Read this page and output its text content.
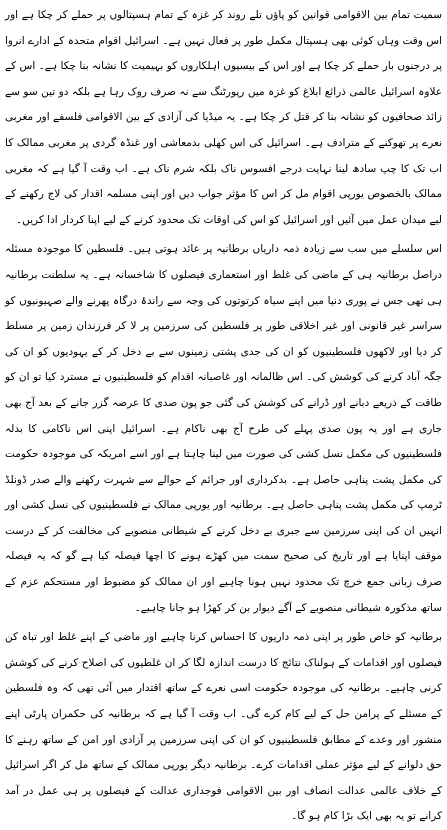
سمیت تمام بین الاقوامی قوانین کو پاؤں تلے روند کر غزہ کے تمام ہسپتالوں پر حملے کر چکا ہے اور اس وقت وہاں کوئی بھی ہسپتال مکمل طور پر فعال نہیں ہے۔ اسرائیل اقوام متحدہ کے ادارے انروا پر درجنوں بار حملے کر چکا ہے اور اس کے بیسیوں اہلکاروں کو بہیمیت کا نشانہ بنا چکا ہے۔ اس کے علاوہ اسرائیل عالمی ذرائع ابلاغ کو غزہ میں رپورٹنگ سے نہ صرف روک رہا ہے بلکہ دو تین سو سے زائد صحافیوں کو نشانہ بنا کر قتل کر چکا ہے۔ یہ میڈیا کی آزادی کے بین الاقوامی فلسفے اور مغربی نعرے پر تھوکنے کے مترادف ہے۔ اسرائیل کی اس کھلی بدمعاشی اور غنڈہ گردی پر مغربی ممالک کا اب تک کا چپ سادھ لینا نہایت درجے افسوس ناک بلکہ شرم ناک ہے۔ اب وقت آ گیا ہے کہ مغربی ممالک بالخصوص یورپی اقوام مل کر اس کا مؤثر جواب دیں اور اپنی مسلمہ اقدار کی لاج رکھنے کے لیے میدان عمل میں آئیں اور اسرائیل کو اس کی اوقات تک محدود کرنے کے لیے اپنا کردار ادا کریں۔

اس سلسلے میں سب سے زیادہ ذمہ داریاں برطانیہ پر عائد ہوتی ہیں۔ فلسطین کا موجودہ مسئلہ دراصل برطانیہ ہی کے ماضی کی غلط اور استعماری فیصلوں کا شاخسانہ ہے۔ یہ سلطنت برطانیہ ہی تھی جس نے پوری دنیا میں اپنے سیاہ کرتوتوں کی وجہ سے راندۂ درگاہ پھرنے والے صہیونیوں کو سراسر غیر قانونی اور غیر اخلاقی طور پر فلسطین کی سرزمین پر لا کر فرزندان زمین پر مسلط کر دیا اور لاکھوں فلسطینیوں کو ان کی جدی پشتی زمینوں سے بے دخل کر کے یہودیوں کو ان کی جگہ آباد کرنے کی کوشش کی۔ اس ظالمانہ اور غاصبانہ اقدام کو فلسطینیوں نے مسترد کیا تو ان کو طاقت کے ذریعے دبانے اور ڈرانے کی کوشش کی گئی جو پون صدی کا عرصہ گزر جانے کے بعد آج بھی جاری ہے اور یہ پون صدی پہلے کی طرح آج بھی ناکام ہے۔ اسرائیل اپنی اس ناکامی کا بدلہ فلسطینیوں کی مکمل نسل کشی کی صورت میں لینا چاہتا ہے اور اسے امریکہ کی موجودہ حکومت کی مکمل پشت پناہی حاصل ہے۔ بدکرداری اور جرائم کے حوالے سے شہرت رکھنے والے صدر ڈونلڈ ٹرمپ کی مکمل پشت پناہی حاصل ہے۔ برطانیہ اور یورپی ممالک نے فلسطینیوں کی نسل کشی اور انہیں ان کی اپنی سرزمین سے جبری بے دخل کرنے کے شیطانی منصوبے کی مخالفت کر کے درست موقف اپنایا ہے اور تاریخ کی صحیح سمت میں کھڑے ہونے کا اچھا فیصلہ کیا ہے گو کہ یہ فیصلہ صرف زبانی جمع خرچ تک محدود نہیں ہونا چاہیے اور ان ممالک کو مضبوط اور مستحکم عزم کے ساتھ مذکورہ شیطانی منصوبے کے آگے دیوار بن کر کھڑا ہو جانا چاہیے۔

برطانیہ کو خاص طور پر اپنی ذمہ داریوں کا احساس کرنا چاہیے اور ماضی کے اپنے غلط اور تباہ کن فیصلوں اور اقدامات کے ہولناک نتائج کا درست اندازہ لگا کر ان غلطیوں کی اصلاح کرنے کی کوشش کرنی چاہیے۔ برطانیہ کی موجودہ حکومت اسی نعرے کے ساتھ اقتدار میں آئی تھی کہ وہ فلسطین کے مسئلے کے پرامن حل کے لیے کام کرے گی۔ اب وقت آ گیا ہے کہ برطانیہ کی حکمران پارٹی اپنے منشور اور وعدے کے مطابق فلسطینیوں کو ان کی اپنی سرزمین پر آزادی اور امن کے ساتھ رہنے کا حق دلوانے کے لیے مؤثر عملی اقدامات کرے۔ برطانیہ دیگر یورپی ممالک کے ساتھ مل کر اگر اسرائیل کے خلاف عالمی عدالت انصاف اور بین الاقوامی فوجداری عدالت کے فیصلوں پر ہی عمل در آمد کرانے تو یہ بھی ایک بڑا کام ہو گا۔
